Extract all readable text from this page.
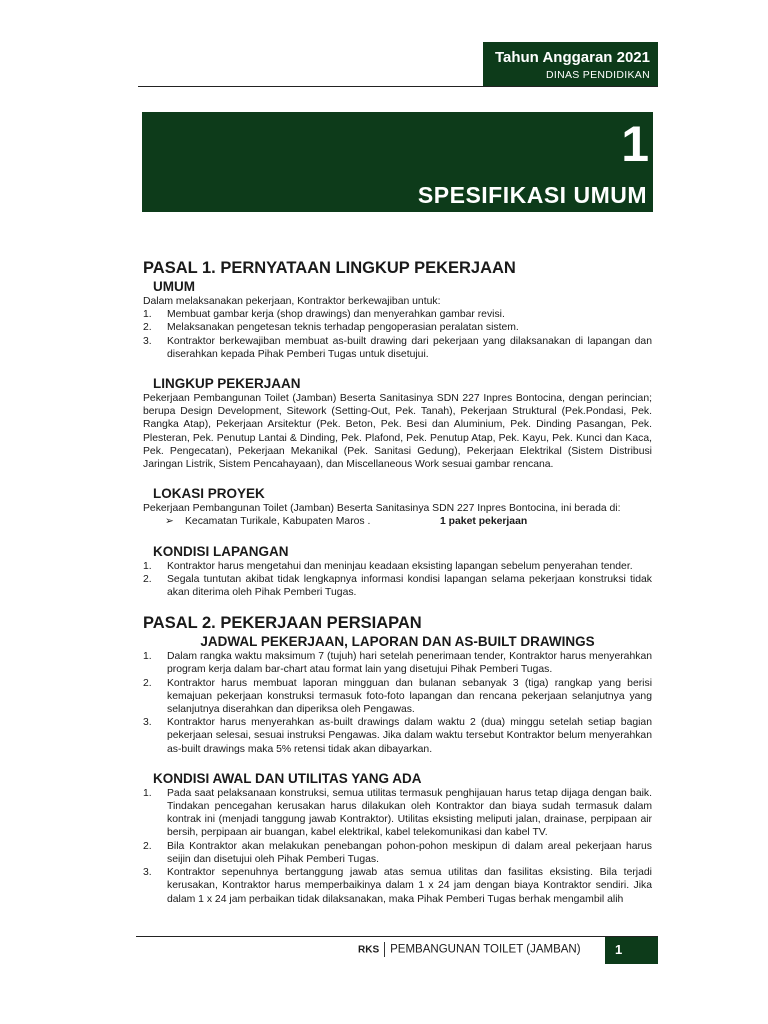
Tahun Anggaran 2021
DINAS PENDIDIKAN
1
SPESIFIKASI UMUM
PASAL 1. PERNYATAAN LINGKUP PEKERJAAN
UMUM

Dalam melaksanakan pekerjaan, Kontraktor berkewajiban untuk:

1. Membuat gambar kerja (shop drawings) dan menyerahkan gambar revisi.
2. Melaksanakan pengetesan teknis terhadap pengoperasian peralatan sistem.
3. Kontraktor berkewajiban membuat as-built drawing dari pekerjaan yang dilaksanakan di lapangan dan diserahkan kepada Pihak Pemberi Tugas untuk disetujui.
LINGKUP PEKERJAAN

Pekerjaan Pembangunan Toilet (Jamban) Beserta Sanitasinya SDN 227 Inpres Bontocina, dengan perincian; berupa Design Development, Sitework (Setting-Out, Pek. Tanah), Pekerjaan Struktural (Pek.Pondasi, Pek. Rangka Atap), Pekerjaan Arsitektur (Pek. Beton, Pek. Besi dan Aluminium, Pek. Dinding Pasangan, Pek. Plesteran, Pek. Penutup Lantai & Dinding, Pek. Plafond, Pek. Penutup Atap, Pek. Kayu, Pek. Kunci dan Kaca, Pek. Pengecatan), Pekerjaan Mekanikal (Pek. Sanitasi Gedung), Pekerjaan Elektrikal (Sistem Distribusi Jaringan Listrik, Sistem Pencahayaan), dan Miscellaneous Work sesuai gambar rencana.

LOKASI PROYEK

Pekerjaan Pembangunan Toilet (Jamban) Beserta Sanitasinya SDN 227 Inpres Bontocina, ini berada di:

➢ Kecamatan Turikale, Kabupaten Maros .	1 paket pekerjaan
KONDISI LAPANGAN
1. Kontraktor harus mengetahui dan meninjau keadaan eksisting lapangan sebelum penyerahan tender.
2. Segala tuntutan akibat tidak lengkapnya informasi kondisi lapangan selama pekerjaan konstruksi tidak akan diterima oleh Pihak Pemberi Tugas.
PASAL 2. PEKERJAAN PERSIAPAN
JADWAL PEKERJAAN, LAPORAN DAN AS-BUILT DRAWINGS
1. Dalam rangka waktu maksimum 7 (tujuh) hari setelah penerimaan tender, Kontraktor harus menyerahkan program kerja dalam bar-chart atau format lain yang disetujui Pihak Pemberi Tugas.
2. Kontraktor harus membuat laporan mingguan dan bulanan sebanyak 3 (tiga) rangkap yang berisi kemajuan pekerjaan konstruksi termasuk foto-foto lapangan dan rencana pekerjaan selanjutnya yang selanjutnya diserahkan dan diperiksa oleh Pengawas.
3. Kontraktor harus menyerahkan as-built drawings dalam waktu 2 (dua) minggu setelah setiap bagian pekerjaan selesai, sesuai instruksi Pengawas. Jika dalam waktu tersebut Kontraktor belum menyerahkan as-built drawings maka 5% retensi tidak akan dibayarkan.
KONDISI AWAL DAN UTILITAS YANG ADA
1. Pada saat pelaksanaan konstruksi, semua utilitas termasuk penghijauan harus tetap dijaga dengan baik. Tindakan pencegahan kerusakan harus dilakukan oleh Kontraktor dan biaya sudah termasuk dalam kontrak ini (menjadi tanggung jawab Kontraktor). Utilitas eksisting meliputi jalan, drainase, perpipaan air bersih, perpipaan air buangan, kabel elektrikal, kabel telekomunikasi dan kabel TV.
2. Bila Kontraktor akan melakukan penebangan pohon-pohon meskipun di dalam areal pekerjaan harus seijin dan disetujui oleh Pihak Pemberi Tugas.
3. Kontraktor sepenuhnya bertanggung jawab atas semua utilitas dan fasilitas eksisting. Bila terjadi kerusakan, Kontraktor harus memperbaikinya dalam 1 x 24 jam dengan biaya Kontraktor sendiri. Jika dalam 1 x 24 jam perbaikan tidak dilaksanakan, maka Pihak Pemberi Tugas berhak mengambil alih
RKS PEMBANGUNAN TOILET (JAMBAN)	1
